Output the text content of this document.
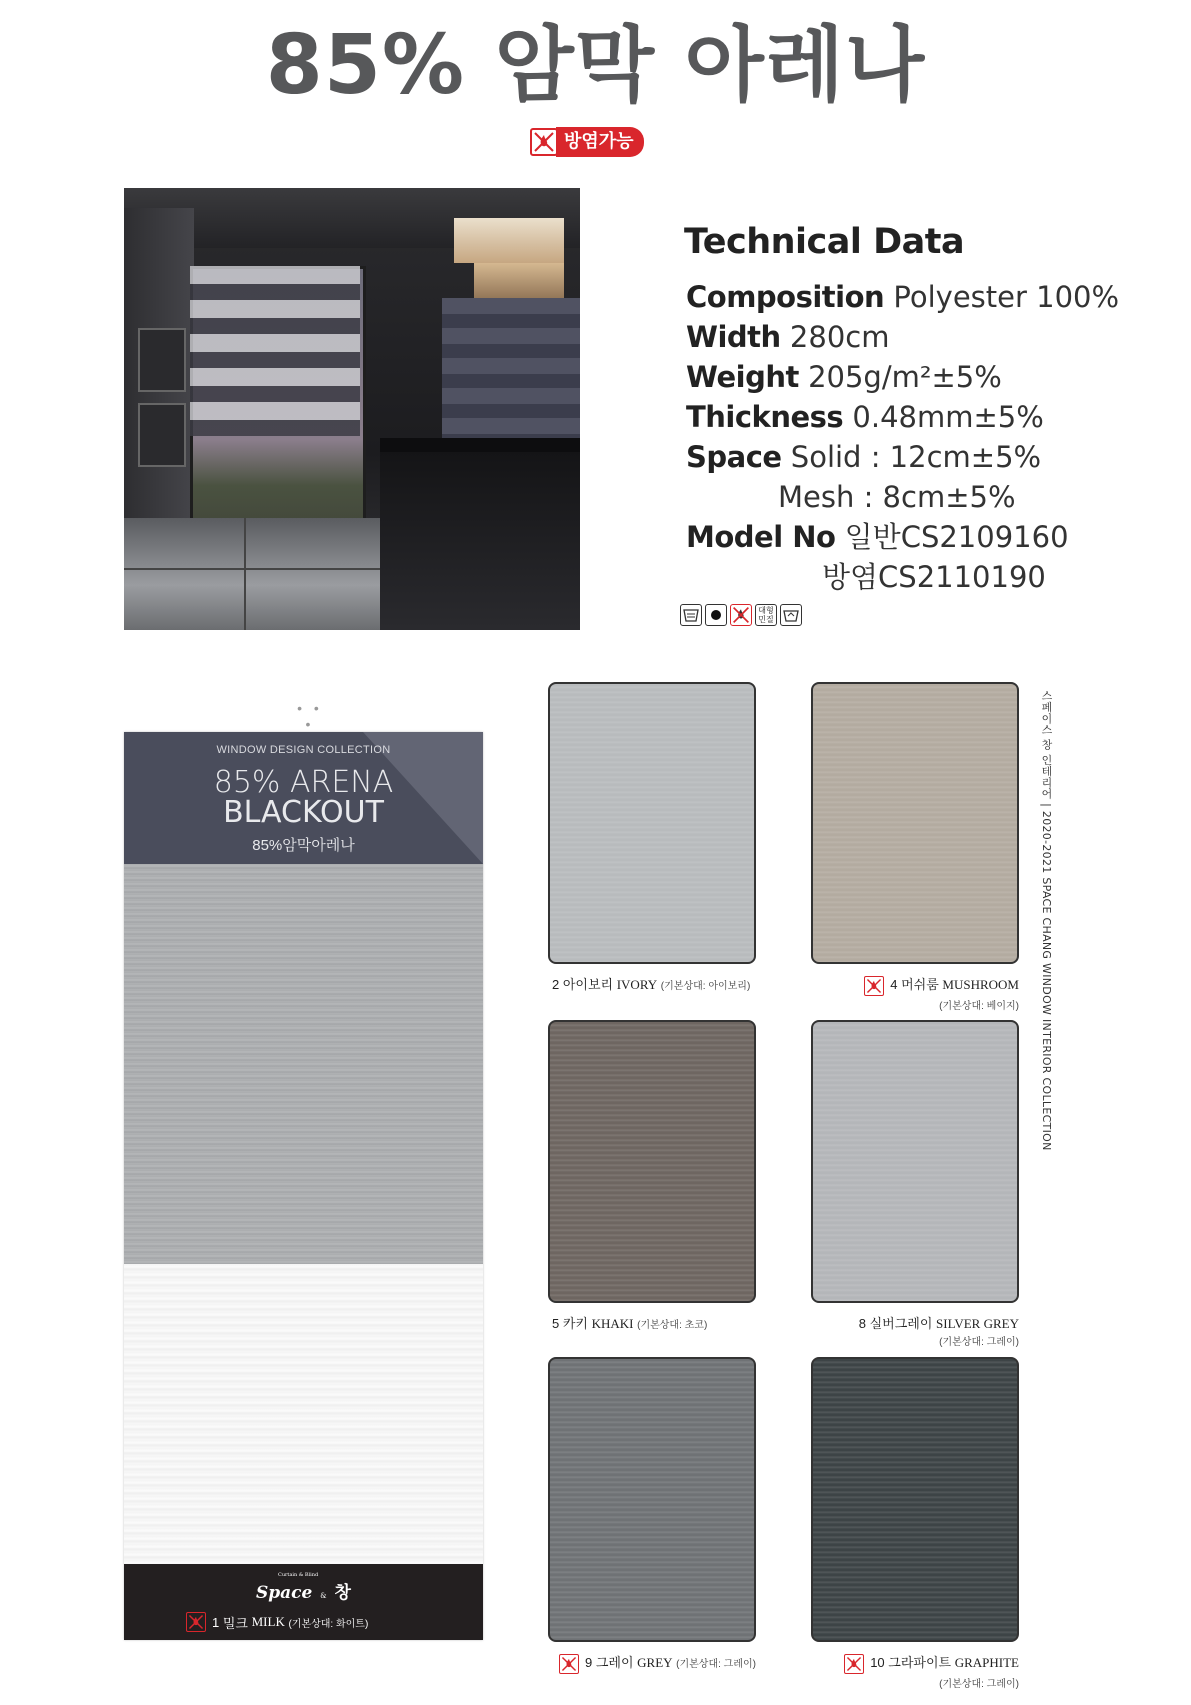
85% 암막 아레나
방염가능
Technical Data
Composition Polyester 100%
Width 280cm
Weight 205g/m²±5%
Thickness 0.48mm±5%
Space Solid : 12cm±5%
Mesh : 8cm±5%
Model No 일반CS2109160
방염CS2110190
대형
민질
• • •
WINDOW DESIGN COLLECTION
85% ARENA
BLACKOUT
85%암막아레나
Curtain & Blind
Space & 창
1
밀크
MILK
(기본상대: 화이트)
2 아이보리 IVORY (기본상대: 아이보리)	4 머쉬룸 MUSHROOM
(기본상대: 베이지)
5 카키 KHAKI (기본상대: 초코)	8 실버그레이 SILVER GREY
(기본상대: 그레이)
9 그레이 GREY (기본상대: 그레이)	10 그라파이트 GRAPHITE
(기본상대: 그레이)
스페이스 창 인테리어 | 2020-2021 SPACE CHANG WINDOW INTERIOR COLLECTION
